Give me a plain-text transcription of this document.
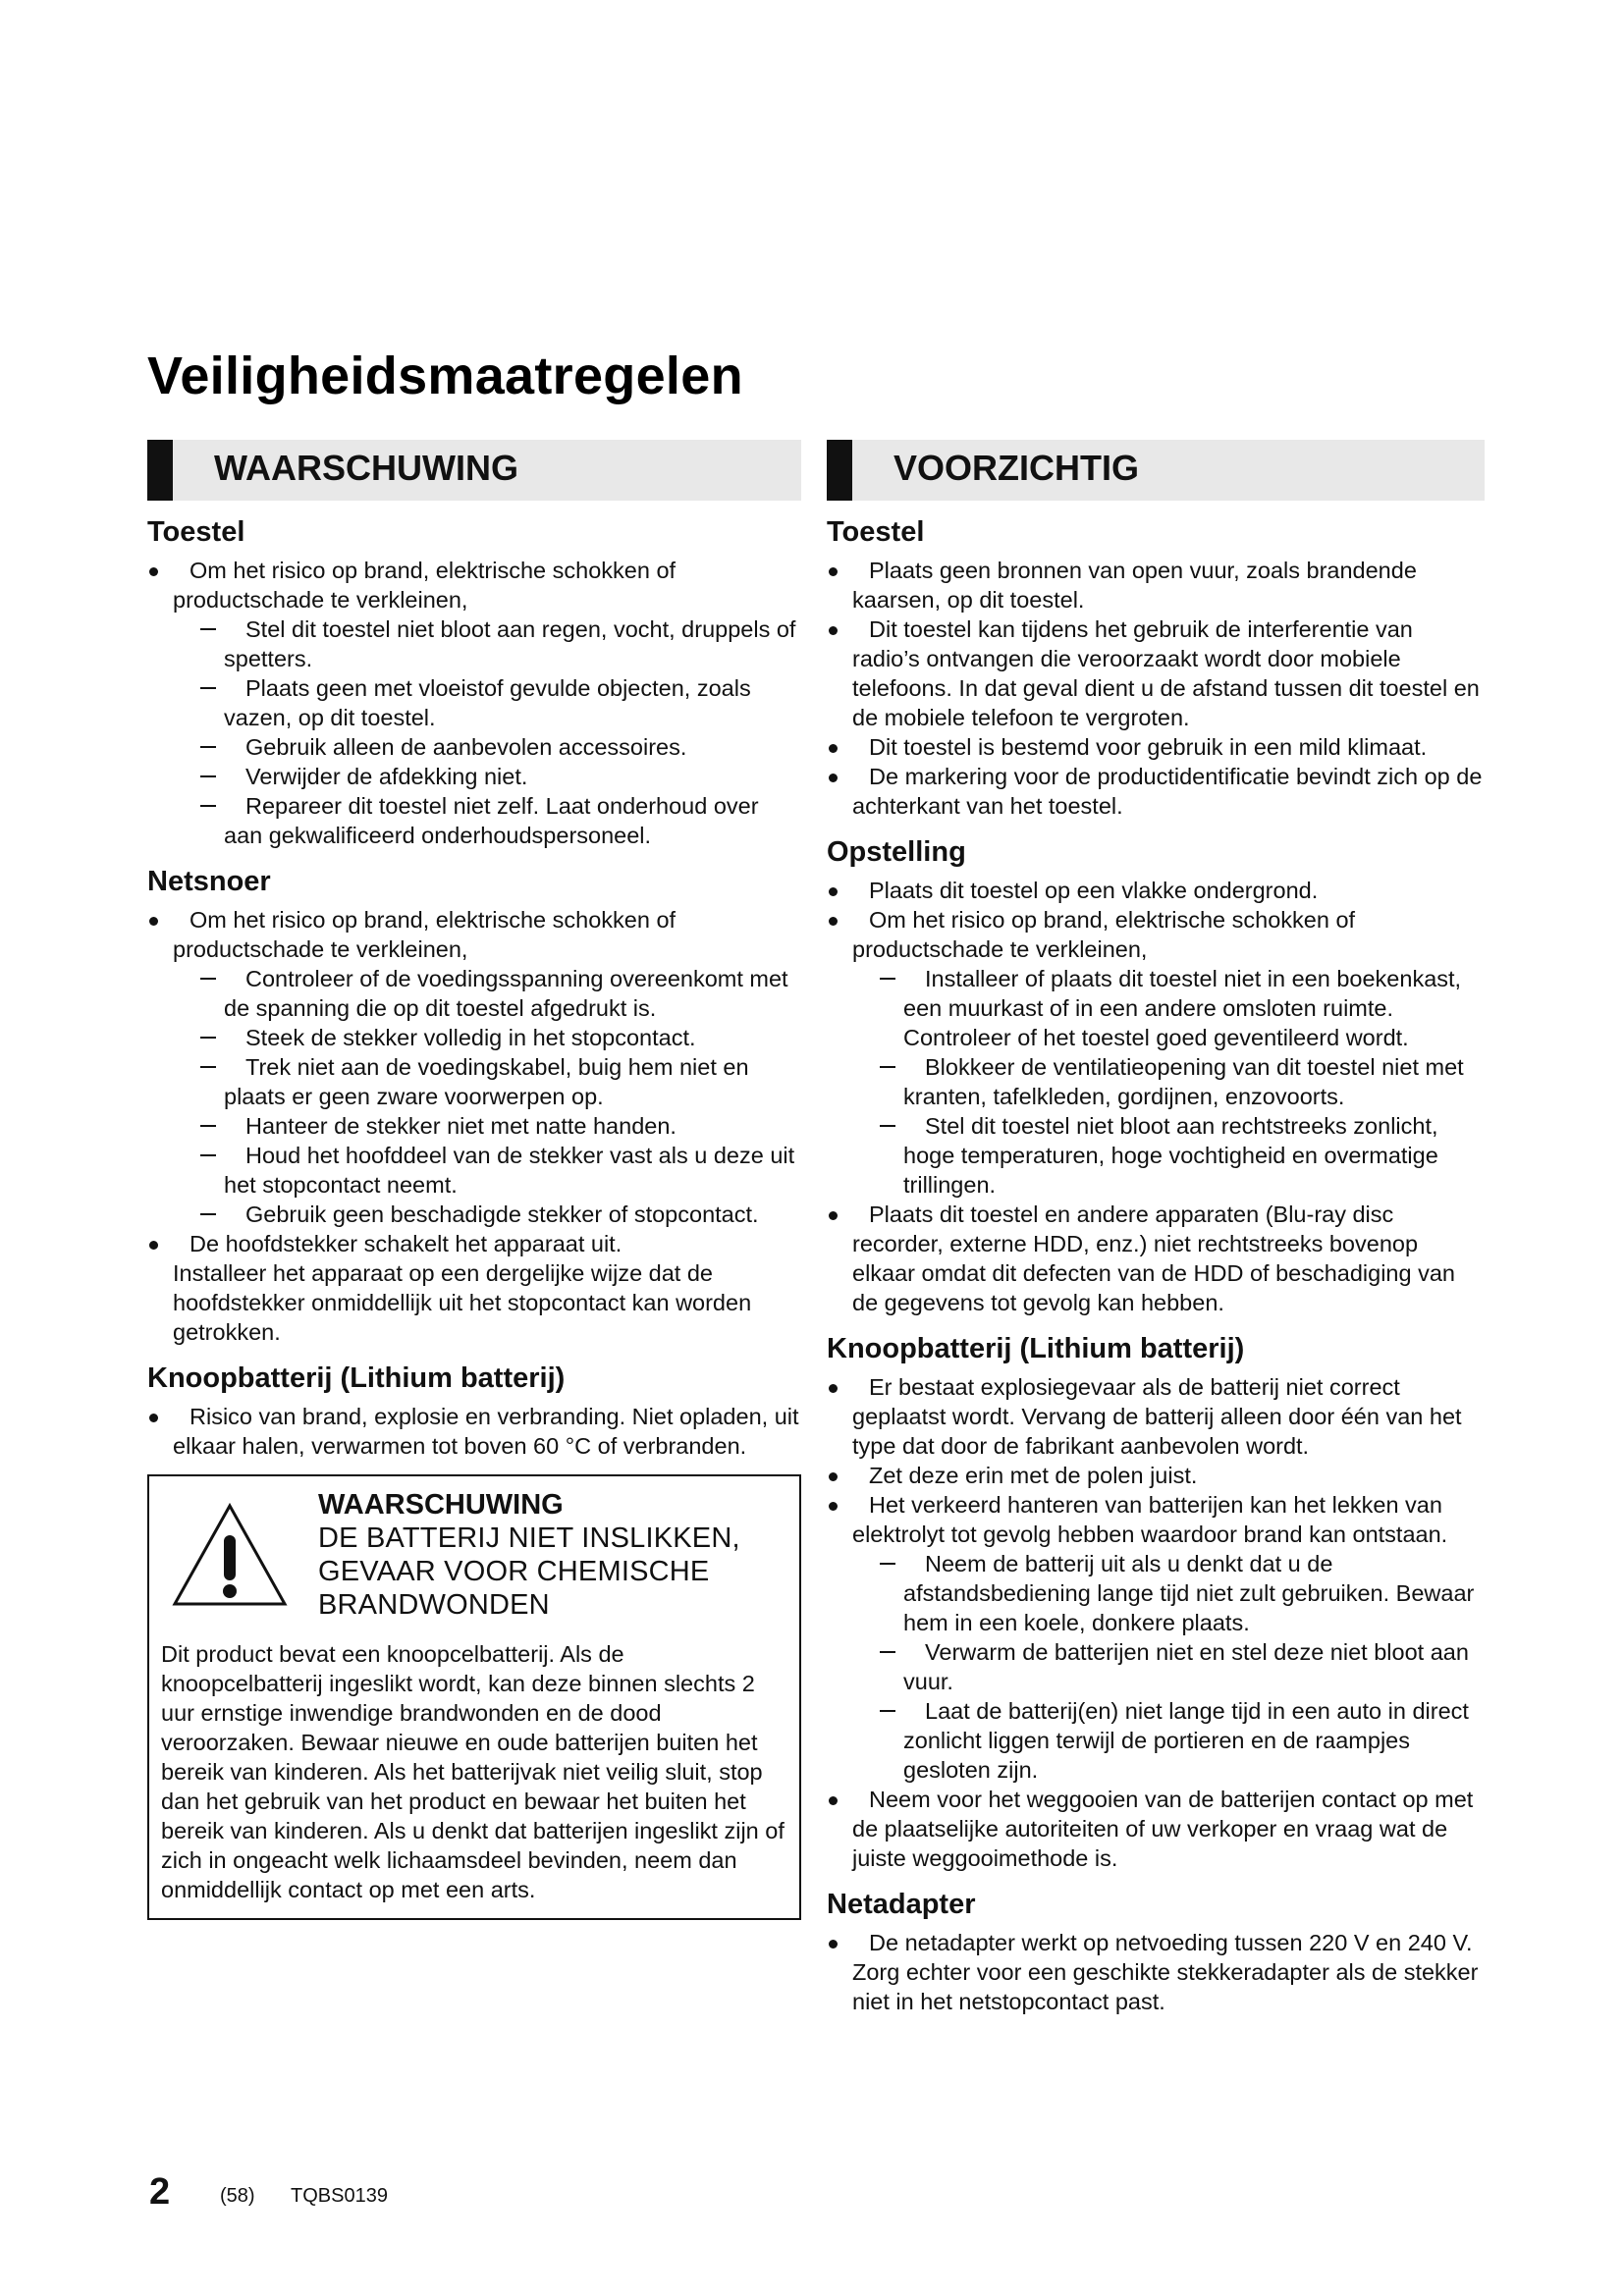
Veiligheidsmaatregelen
WAARSCHUWING
Toestel
Om het risico op brand, elektrische schokken of productschade te verkleinen,
Stel dit toestel niet bloot aan regen, vocht, druppels of spetters.
Plaats geen met vloeistof gevulde objecten, zoals vazen, op dit toestel.
Gebruik alleen de aanbevolen accessoires.
Verwijder de afdekking niet.
Repareer dit toestel niet zelf. Laat onderhoud over aan gekwalificeerd onderhoudspersoneel.
Netsnoer
Om het risico op brand, elektrische schokken of productschade te verkleinen,
Controleer of de voedingsspanning overeenkomt met de spanning die op dit toestel afgedrukt is.
Steek de stekker volledig in het stopcontact.
Trek niet aan de voedingskabel, buig hem niet en plaats er geen zware voorwerpen op.
Hanteer de stekker niet met natte handen.
Houd het hoofddeel van de stekker vast als u deze uit het stopcontact neemt.
Gebruik geen beschadigde stekker of stopcontact.
De hoofdstekker schakelt het apparaat uit.
Installeer het apparaat op een dergelijke wijze dat de hoofdstekker onmiddellijk uit het stopcontact kan worden getrokken.
Knoopbatterij (Lithium batterij)
Risico van brand, explosie en verbranding. Niet opladen, uit elkaar halen, verwarmen tot boven 60 °C of verbranden.
WAARSCHUWING
DE BATTERIJ NIET INSLIKKEN, GEVAAR VOOR CHEMISCHE BRANDWONDEN
Dit product bevat een knoopcelbatterij. Als de knoopcelbatterij ingeslikt wordt, kan deze binnen slechts 2 uur ernstige inwendige brandwonden en de dood veroorzaken. Bewaar nieuwe en oude batterijen buiten het bereik van kinderen. Als het batterijvak niet veilig sluit, stop dan het gebruik van het product en bewaar het buiten het bereik van kinderen. Als u denkt dat batterijen ingeslikt zijn of zich in ongeacht welk lichaamsdeel bevinden, neem dan onmiddellijk contact op met een arts.
VOORZICHTIG
Toestel
Plaats geen bronnen van open vuur, zoals brandende kaarsen, op dit toestel.
Dit toestel kan tijdens het gebruik de interferentie van radio’s ontvangen die veroorzaakt wordt door mobiele telefoons. In dat geval dient u de afstand tussen dit toestel en de mobiele telefoon te vergroten.
Dit toestel is bestemd voor gebruik in een mild klimaat.
De markering voor de productidentificatie bevindt zich op de achterkant van het toestel.
Opstelling
Plaats dit toestel op een vlakke ondergrond.
Om het risico op brand, elektrische schokken of productschade te verkleinen,
Installeer of plaats dit toestel niet in een boekenkast, een muurkast of in een andere omsloten ruimte. Controleer of het toestel goed geventileerd wordt.
Blokkeer de ventilatieopening van dit toestel niet met kranten, tafelkleden, gordijnen, enzovoorts.
Stel dit toestel niet bloot aan rechtstreeks zonlicht, hoge temperaturen, hoge vochtigheid en overmatige trillingen.
Plaats dit toestel en andere apparaten (Blu-ray disc recorder, externe HDD, enz.) niet rechtstreeks bovenop elkaar omdat dit defecten van de HDD of beschadiging van de gegevens tot gevolg kan hebben.
Knoopbatterij (Lithium batterij)
Er bestaat explosiegevaar als de batterij niet correct geplaatst wordt. Vervang de batterij alleen door één van het type dat door de fabrikant aanbevolen wordt.
Zet deze erin met de polen juist.
Het verkeerd hanteren van batterijen kan het lekken van elektrolyt tot gevolg hebben waardoor brand kan ontstaan.
Neem de batterij uit als u denkt dat u de afstandsbediening lange tijd niet zult gebruiken. Bewaar hem in een koele, donkere plaats.
Verwarm de batterijen niet en stel deze niet bloot aan vuur.
Laat de batterij(en) niet lange tijd in een auto in direct zonlicht liggen terwijl de portieren en de raampjes gesloten zijn.
Neem voor het weggooien van de batterijen contact op met de plaatselijke autoriteiten of uw verkoper en vraag wat de juiste weggooimethode is.
Netadapter
De netadapter werkt op netvoeding tussen 220 V en 240 V. Zorg echter voor een geschikte stekkeradapter als de stekker niet in het netstopcontact past.
2	(58) TQBS0139
